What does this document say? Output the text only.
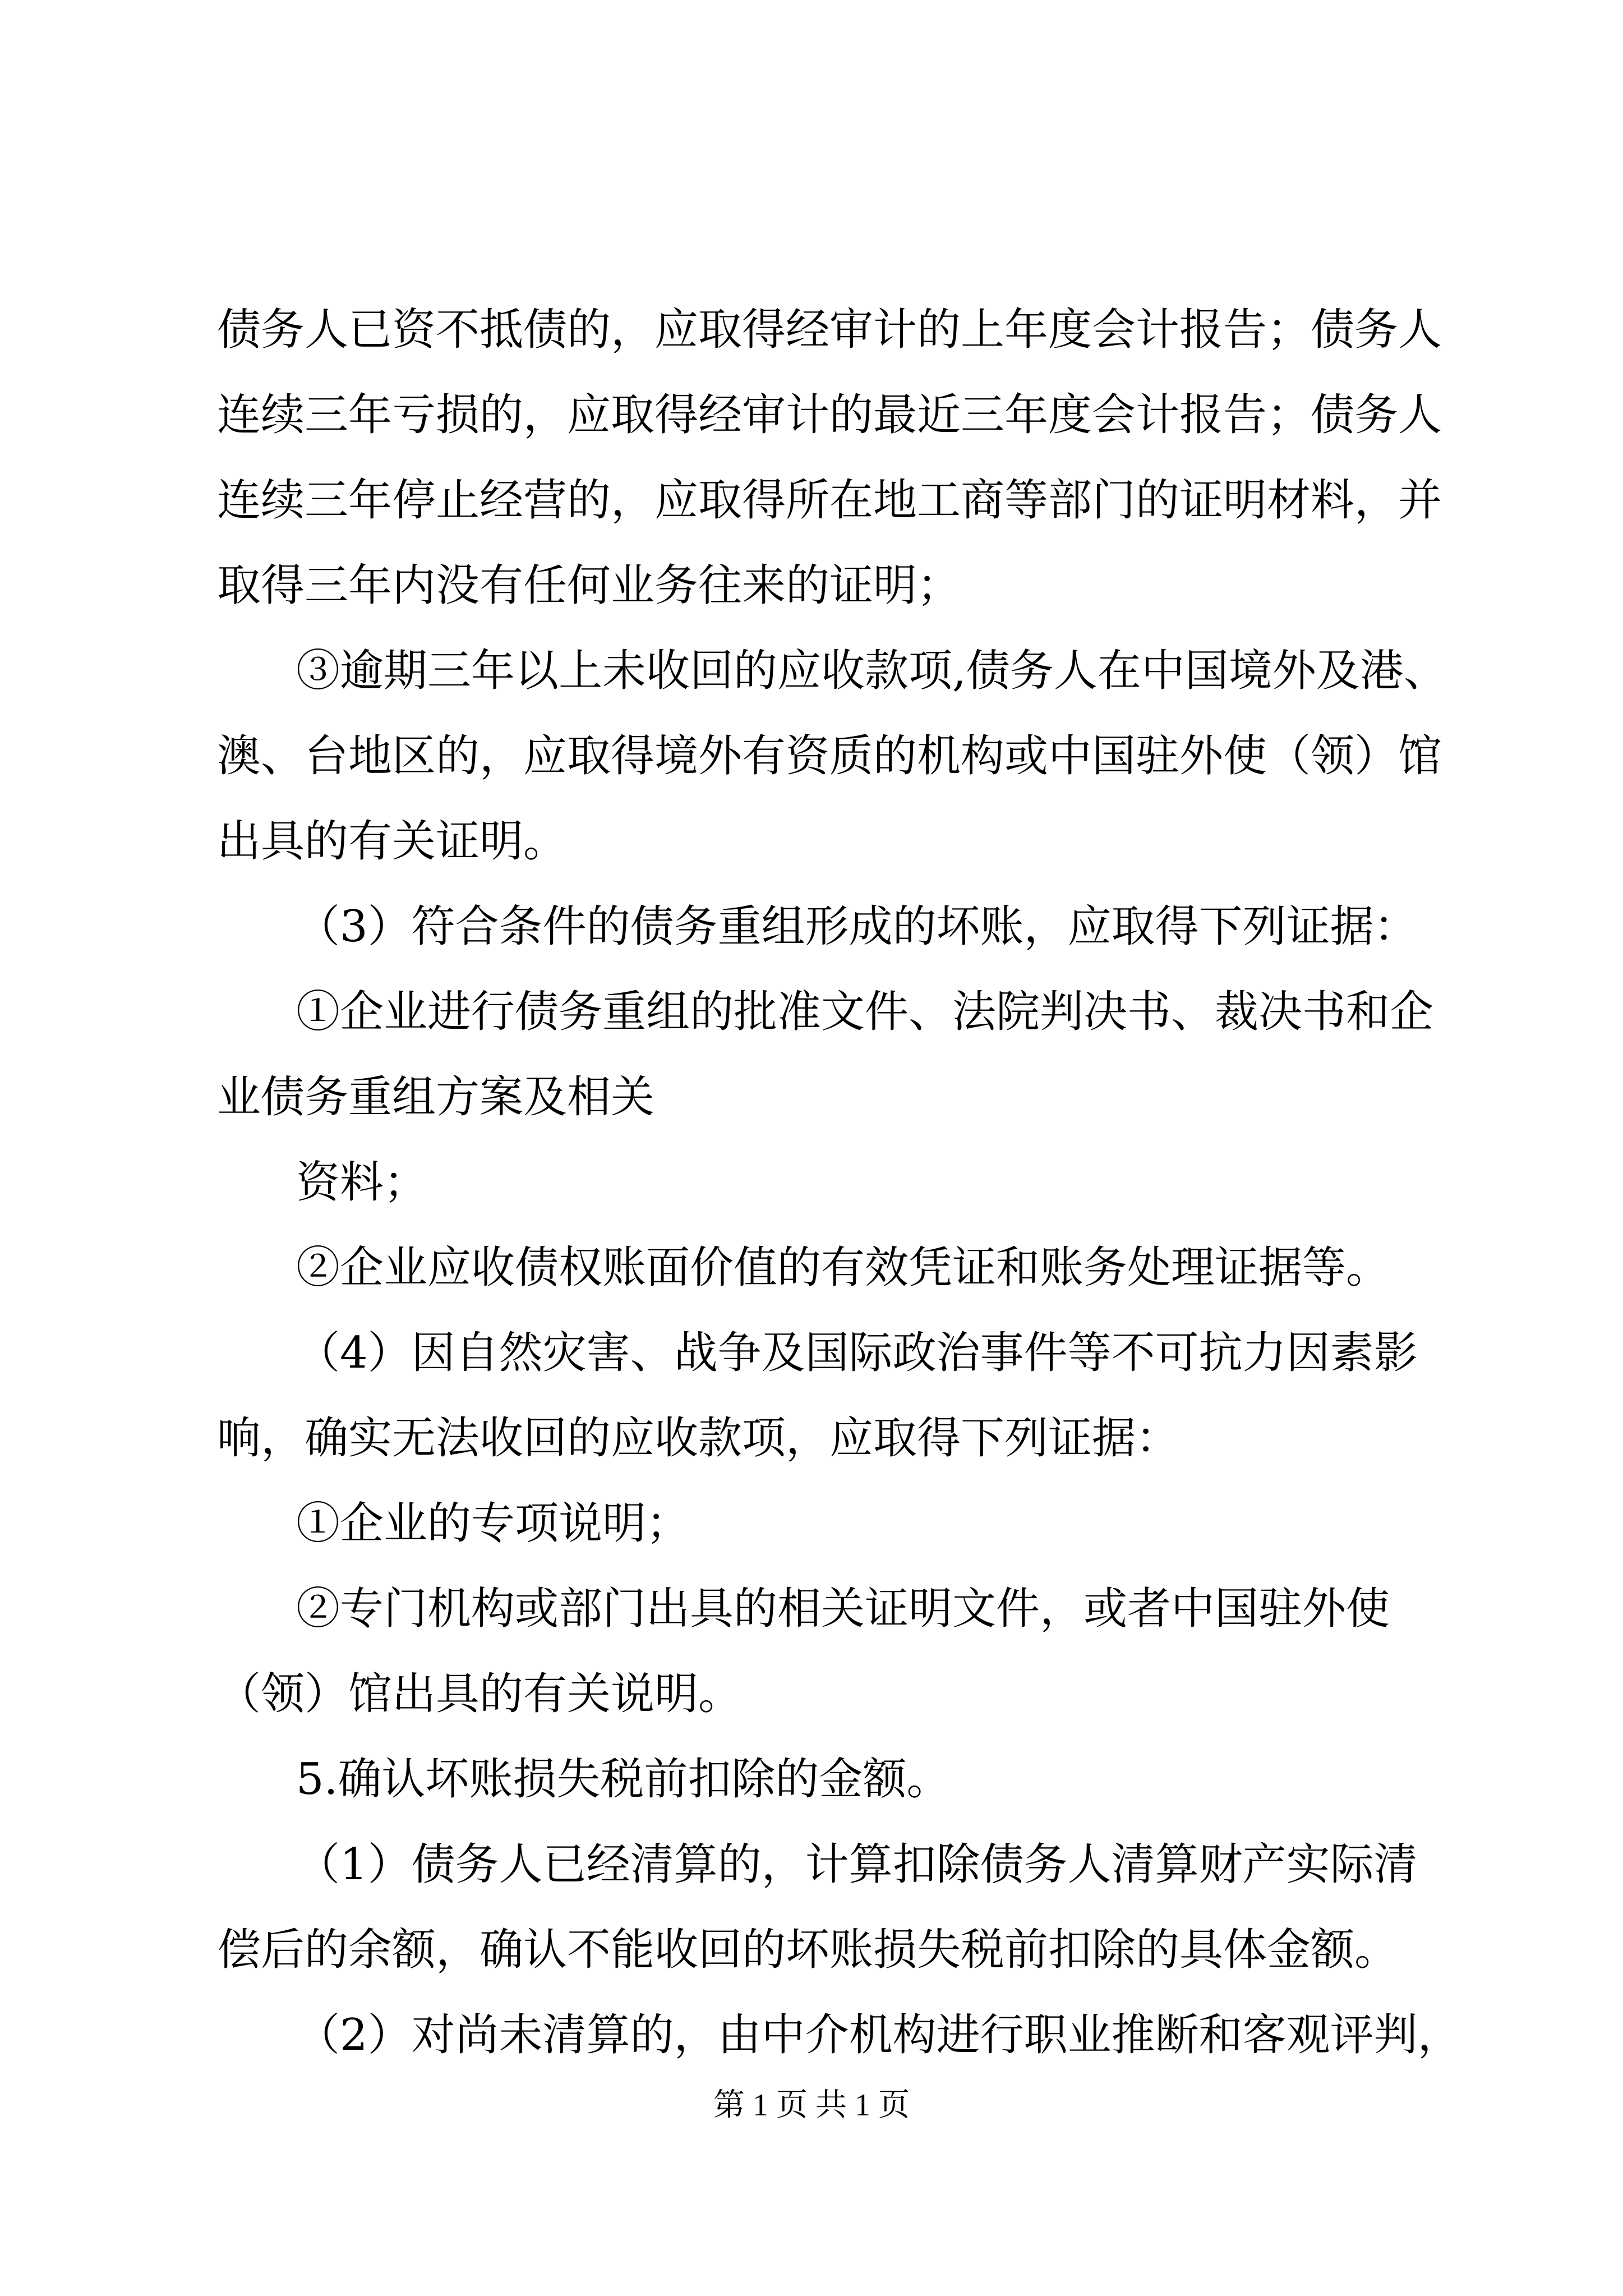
债务人已资不抵债的，应取得经审计的上年度会计报告；债务人
连续三年亏损的，应取得经审计的最近三年度会计报告；债务人
连续三年停止经营的，应取得所在地工商等部门的证明材料，并
取得三年内没有任何业务往来的证明；
③逾期三年以上未收回的应收款项,债务人在中国境外及港、
澳、台地区的，应取得境外有资质的机构或中国驻外使（领）馆
出具的有关证明。
（3）符合条件的债务重组形成的坏账，应取得下列证据：
①企业进行债务重组的批准文件、法院判决书、裁决书和企
业债务重组方案及相关
资料；
②企业应收债权账面价值的有效凭证和账务处理证据等。
（4）因自然灾害、战争及国际政治事件等不可抗力因素影
响，确实无法收回的应收款项，应取得下列证据：
①企业的专项说明；
②专门机构或部门出具的相关证明文件，或者中国驻外使
（领）馆出具的有关说明。
5.确认坏账损失税前扣除的金额。
（1）债务人已经清算的，计算扣除债务人清算财产实际清
偿后的余额，确认不能收回的坏账损失税前扣除的具体金额。
（2）对尚未清算的，由中介机构进行职业推断和客观评判，
第 1 页 共 1 页
